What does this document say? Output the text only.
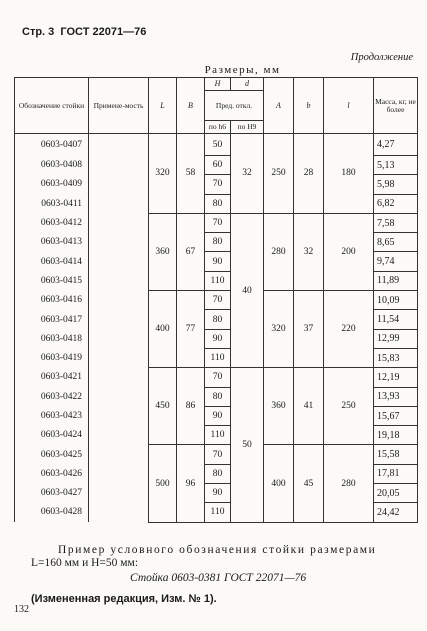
Стр. 3 ГОСТ 22071—76
Продолжение
Размеры, мм
Обозначение стойки	Примене-мость	L	B	H	d	A	b	l	Масса, кг, не более
				Пред. откл.					
				по h6	по H9				
0603-0407		320	58	50	32	250	28	180	4,27
0603-0408				60					5,13
0603-0409				70					5,98
0603-0411				80					6,82
0603-0412		360	67	70	40	280	32	200	7,58
0603-0413				80					8,65
0603-0414				90					9,74
0603-0415				110					11,89
0603-0416		400	77	70		320	37	220	10,09
0603-0417				80					11,54
0603-0418				90					12,99
0603-0419				110					15,83
0603-0421		450	86	70	50	360	41	250	12,19
0603-0422				80					13,93
0603-0423				90					15,67
0603-0424				110					19,18
0603-0425		500	96	70		400	45	280	15,58
0603-0426				80					17,81
0603-0427				90					20,05
0603-0428				110					24,42
Пример условного обозначения стойки размерами
L=160 мм и H=50 мм:
Стойка 0603-0381 ГОСТ 22071—76
(Измененная редакция, Изм. № 1).
132
